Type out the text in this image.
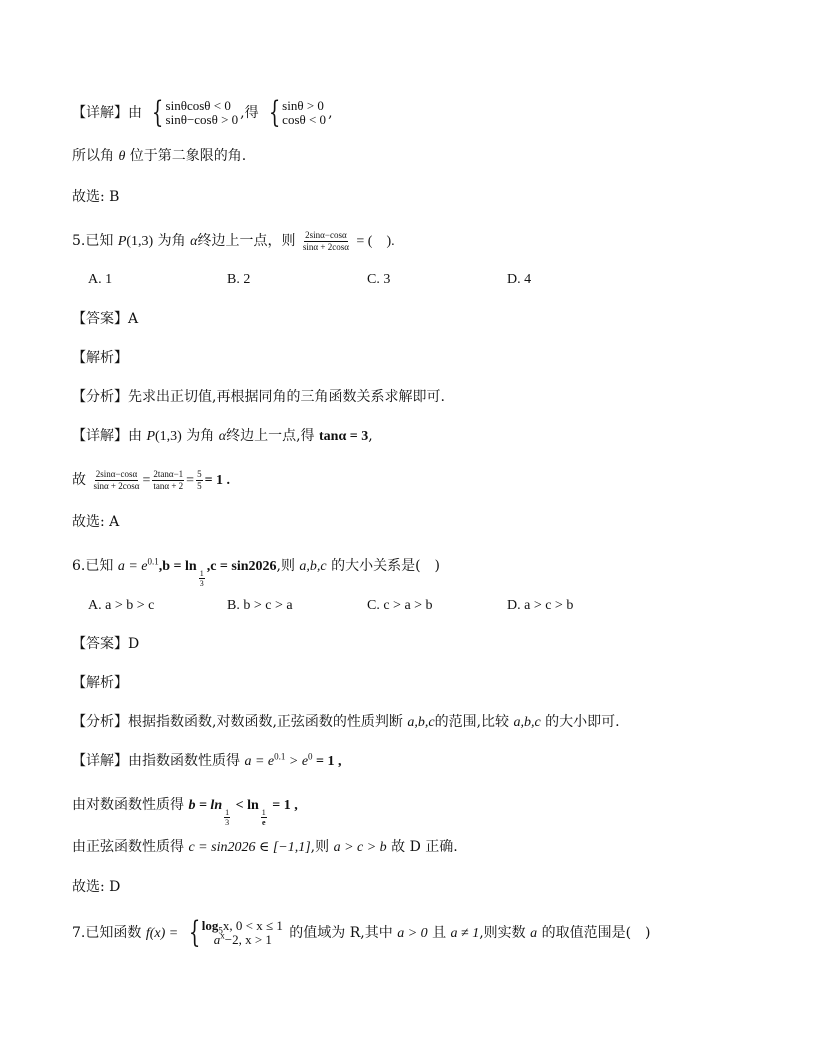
【详解】由 { sinθcosθ < 0
sinθ−cosθ > 0 ,得 { sinθ > 0
cosθ < 0 ,
所以角 θ 位于第二象限的角.
故选: B
5.已知 P(1,3) 为角 α终边上一点，则 $\frac{2\sin\alpha-\cos\alpha}{\sin\alpha + 2\cos\alpha}$ = (　).
A. 1	B. 2	C. 3	D. 4
【答案】A
【解析】
【分析】先求出正切值,再根据同角的三角函数关系求解即可.
【详解】由 P(1,3) 为角 α终边上一点,得 tanα = 3,
故 $\frac{2\sin\alpha-\cos\alpha}{\sin\alpha + 2\cos\alpha} = \frac{2\tan\alpha-1}{\tan\alpha + 2} = \frac{5}{5} = 1$ .
故选: A
6.已知 $a = e^{0.1},b = \ln$
$\frac{1}{3}$
,c = sin2026,则 a,b,c 的大小关系是(　)
A. a > b > c	B. b > c > a	C. c > a > b	D. a > c > b
【答案】D
【解析】
【分析】根据指数函数,对数函数,正弦函数的性质判断 a,b,c的范围,比较 a,b,c 的大小即可.
【详解】由指数函数性质得 $a = e^{0.1} > e^0 = 1$ ,
由对数函数性质得 b = ln
$\frac{1}{3}$
< ln
$\frac{1}{e}$
= 1 ,
由正弦函数性质得 c = sin2026 ∈ [−1,1],则 a > c > b 故 D 正确.
故选: D
7.已知函数 f(x) = { $\log_5x$, 0 < x ≤ 1
$a^x-2$, x > 1	的值域为 R,其中 a > 0 且 a ≠ 1,则实数 a 的取值范围是(　)
